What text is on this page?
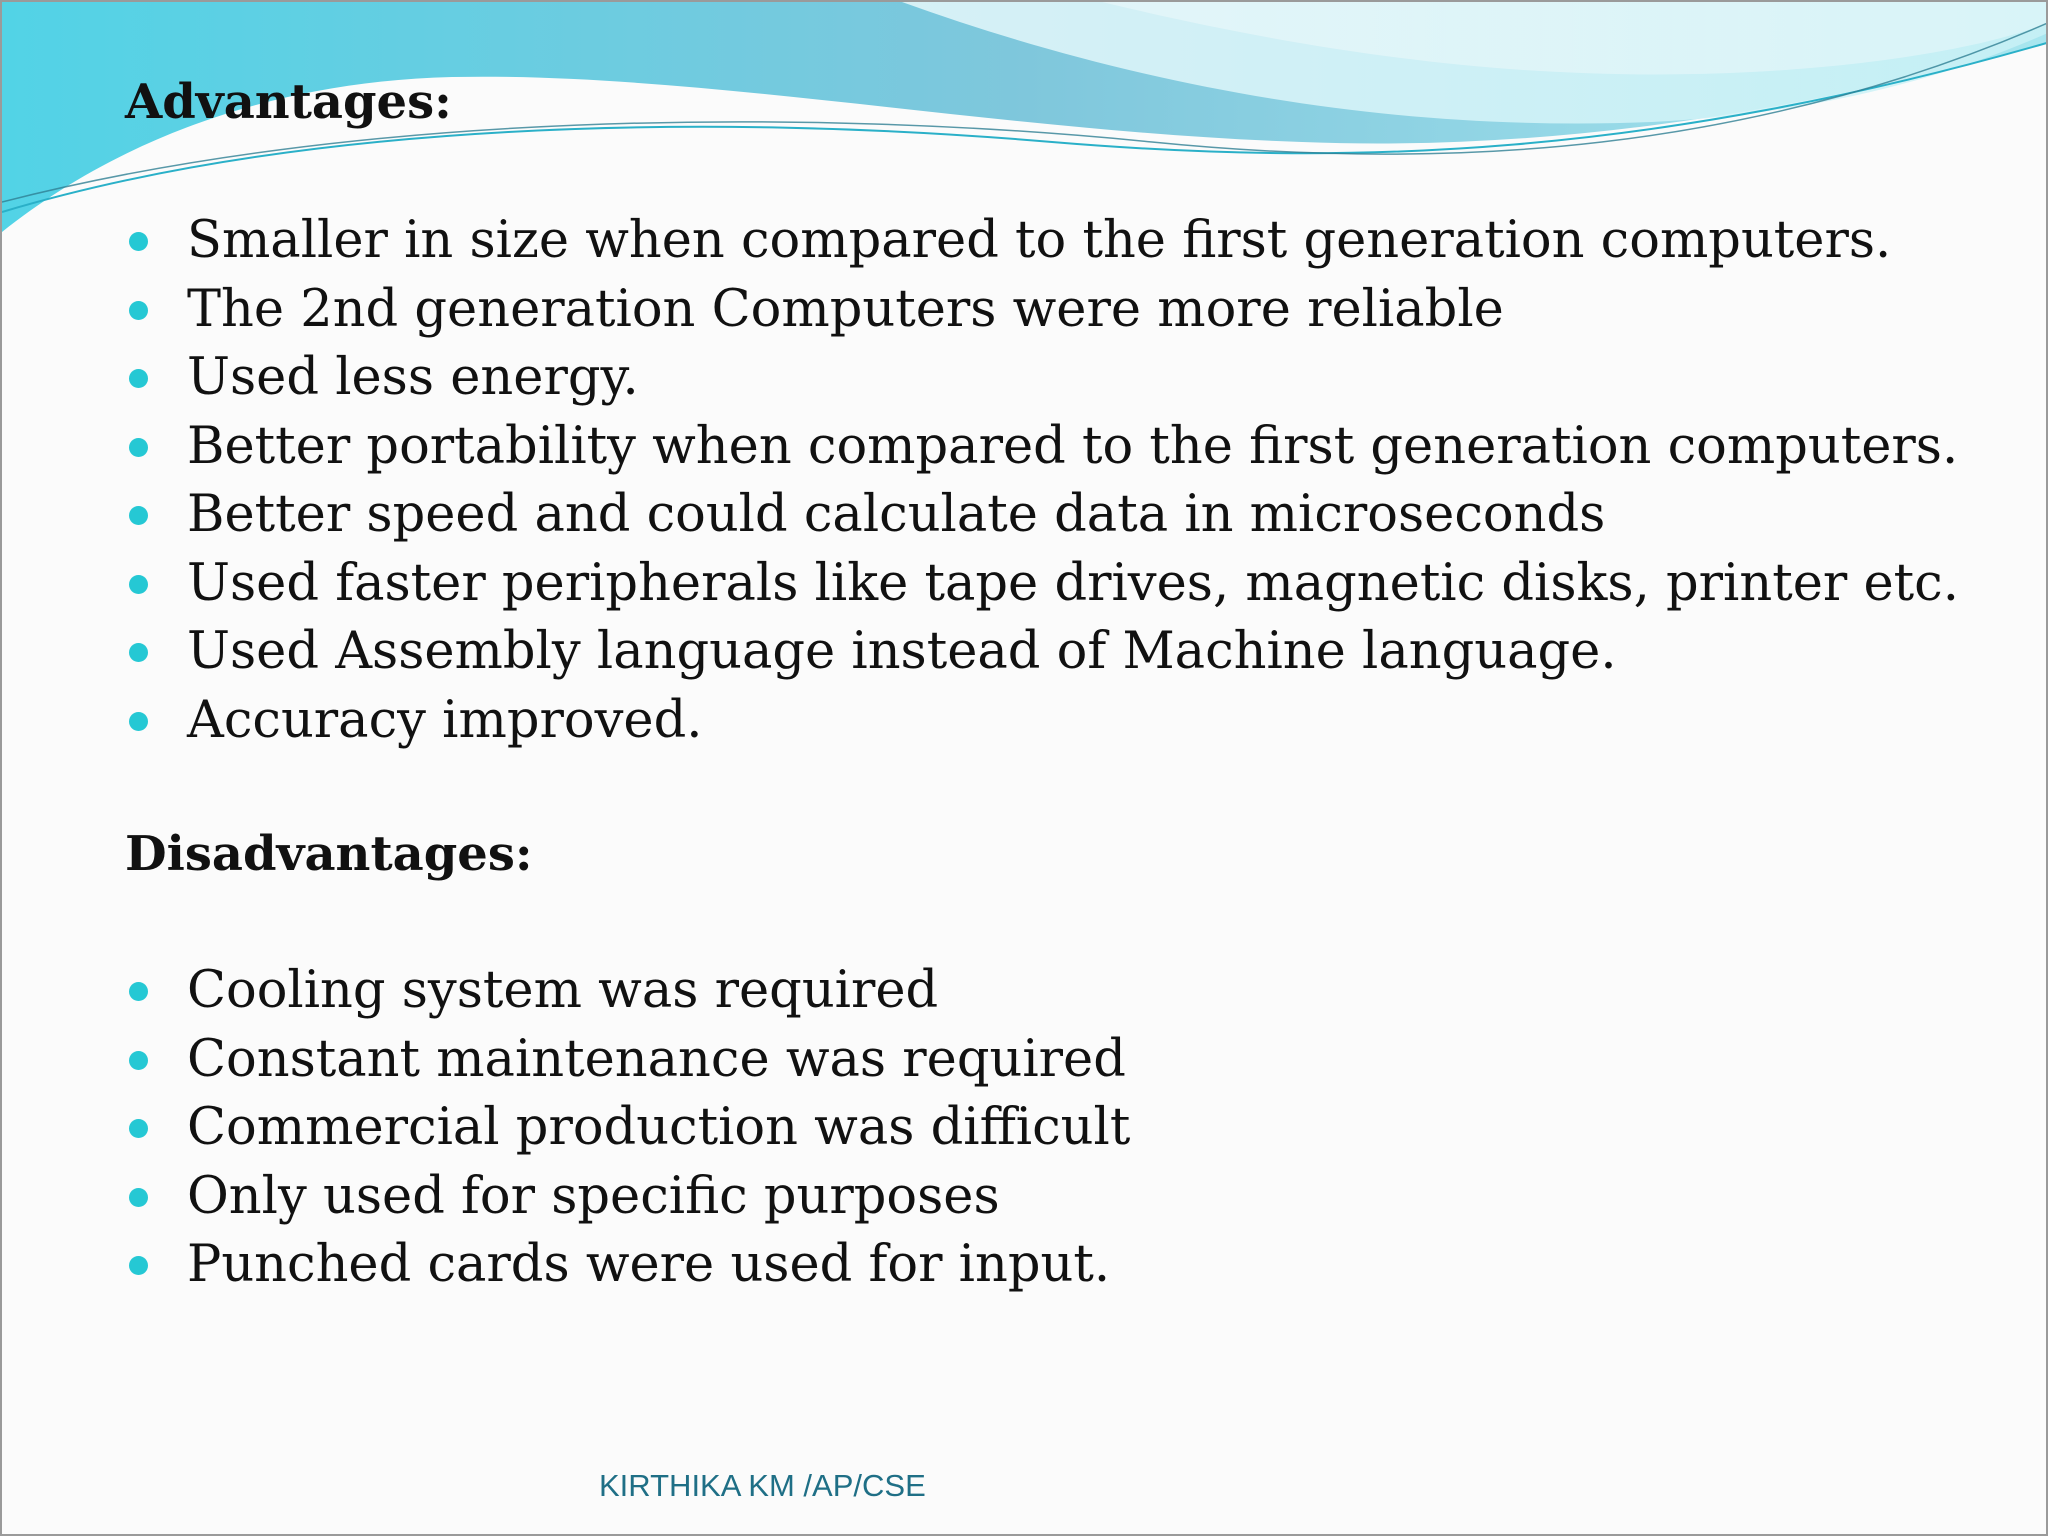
Advantages:
Smaller in size when compared to the first generation computers.
The 2nd generation Computers were more reliable
Used less energy.
Better portability when compared to the first generation computers.
Better speed and could calculate data in microseconds
Used faster peripherals like tape drives, magnetic disks, printer etc.
Used Assembly language instead of Machine language.
Accuracy improved.
Disadvantages:
Cooling system was required
Constant maintenance was required
Commercial production was difficult
Only used for specific purposes
Punched cards were used for input.
KIRTHIKA KM /AP/CSE
